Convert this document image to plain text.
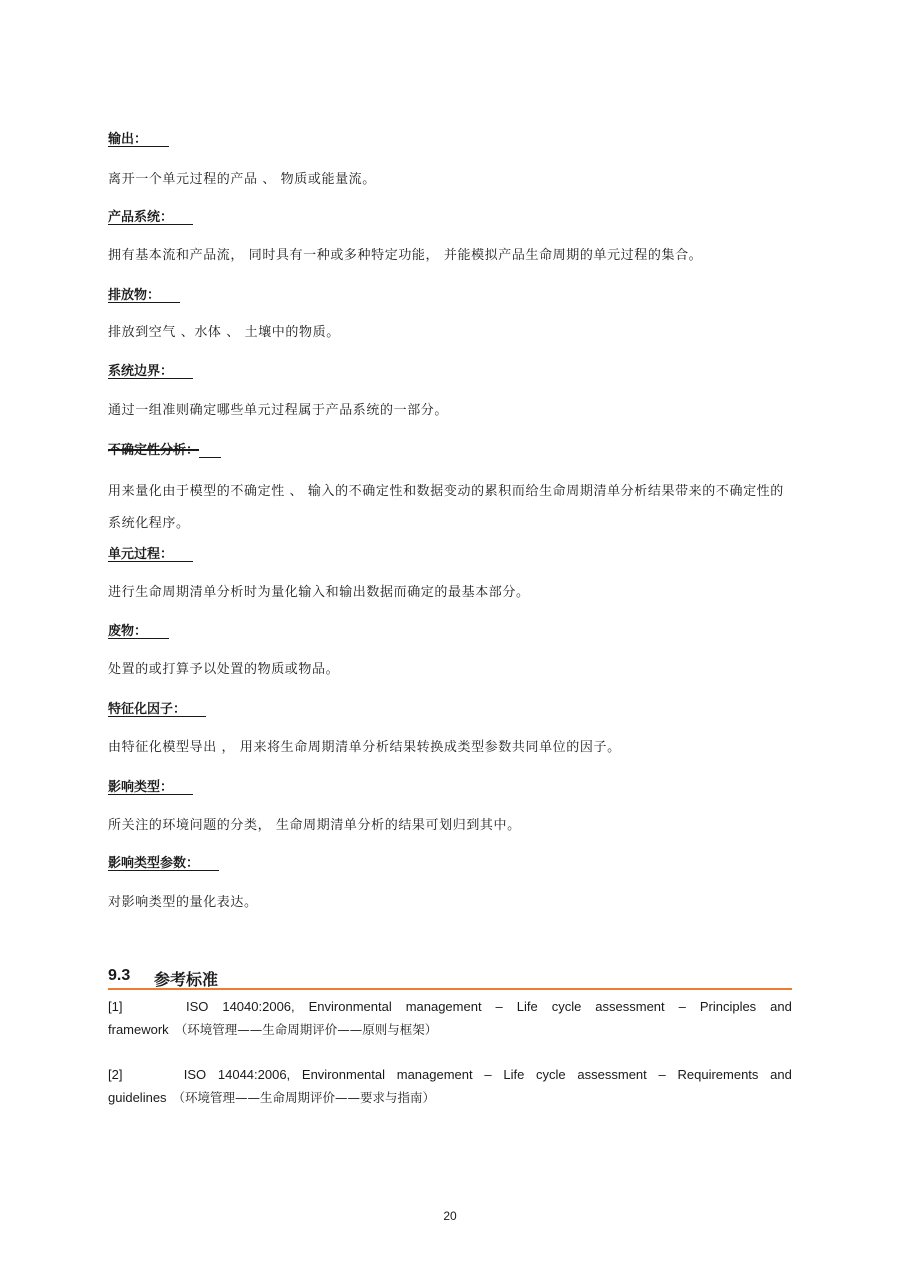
输出：
离开一个单元过程的产品 、 物质或能量流。
产品系统：
拥有基本流和产品流， 同时具有一种或多种特定功能， 并能模拟产品生命周期的单元过程的集合。
排放物：
排放到空气 、水体 、 土壤中的物质。
系统边界：
通过一组准则确定哪些单元过程属于产品系统的一部分。
不确定性分析：
用来量化由于模型的不确定性 、 输入的不确定性和数据变动的累积而给生命周期清单分析结果带来的不确定性的系统化程序。
单元过程：
进行生命周期清单分析时为量化输入和输出数据而确定的最基本部分。
废物：
处置的或打算予以处置的物质或物品。
特征化因子：
由特征化模型导出 ， 用来将生命周期清单分析结果转换成类型参数共同单位的因子。
影响类型：
所关注的环境问题的分类， 生命周期清单分析的结果可划归到其中。
影响类型参数：
对影响类型的量化表达。
9.3 参考标准
[1]	ISO 14040:2006, Environmental management – Life cycle assessment – Principles and
framework （环境管理——生命周期评价——原则与框架）
[2]	ISO 14044:2006, Environmental management – Life cycle assessment – Requirements and
guidelines （环境管理——生命周期评价——要求与指南）
20
